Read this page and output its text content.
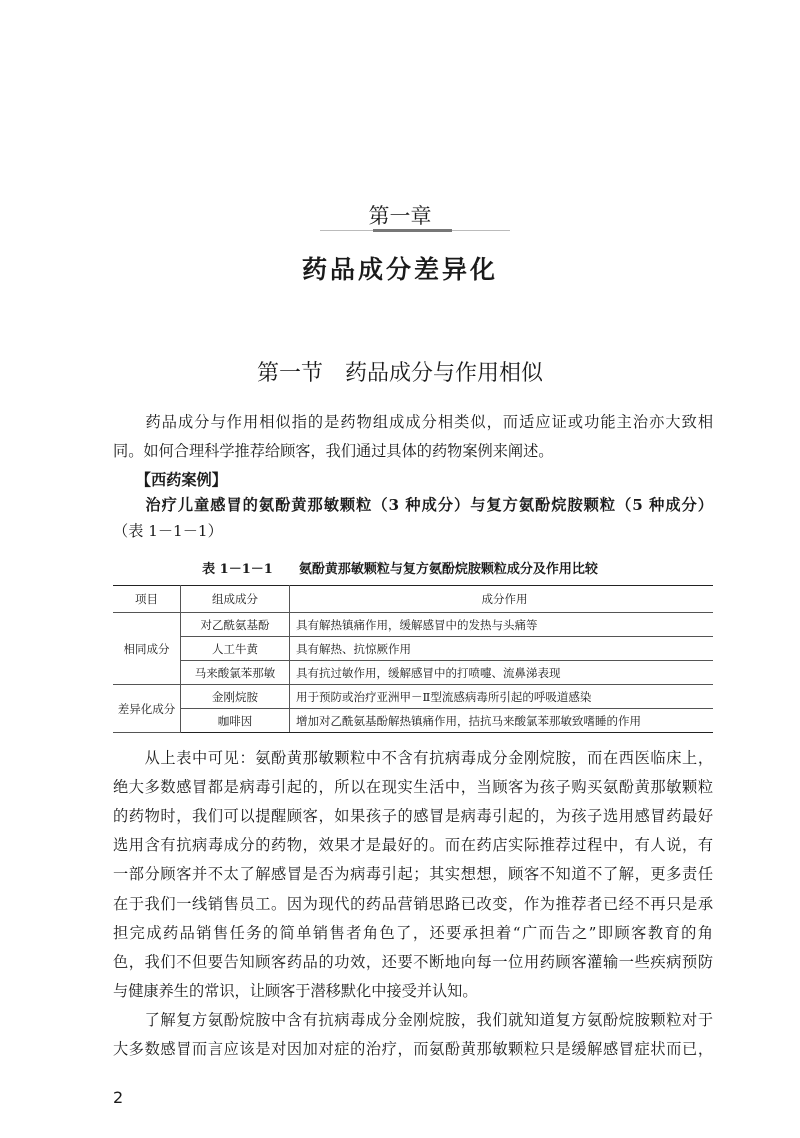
第一章
药品成分差异化
第一节　药品成分与作用相似
　　药品成分与作用相似指的是药物组成成分相类似，而适应证或功能主治亦大致相
同。如何合理科学推荐给顾客，我们通过具体的药物案例来阐述。
　　【西药案例】
　　治疗儿童感冒的氨酚黄那敏颗粒（3 种成分）与复方氨酚烷胺颗粒（5 种成分）
（表 1－1－1）
表 1－1－1　　氨酚黄那敏颗粒与复方氨酚烷胺颗粒成分及作用比较
项目	组成成分	成分作用
相同成分	对乙酰氨基酚	具有解热镇痛作用，缓解感冒中的发热与头痛等
	人工牛黄	具有解热、抗惊厥作用
	马来酸氯苯那敏	具有抗过敏作用，缓解感冒中的打喷嚏、流鼻涕表现
差异化成分	金刚烷胺	用于预防或治疗亚洲甲－Ⅱ型流感病毒所引起的呼吸道感染
	咖啡因	增加对乙酰氨基酚解热镇痛作用，拮抗马来酸氯苯那敏致嗜睡的作用
　　从上表中可见：氨酚黄那敏颗粒中不含有抗病毒成分金刚烷胺，而在西医临床上，
绝大多数感冒都是病毒引起的，所以在现实生活中，当顾客为孩子购买氨酚黄那敏颗粒
的药物时，我们可以提醒顾客，如果孩子的感冒是病毒引起的，为孩子选用感冒药最好
选用含有抗病毒成分的药物，效果才是最好的。而在药店实际推荐过程中，有人说，有
一部分顾客并不太了解感冒是否为病毒引起；其实想想，顾客不知道不了解，更多责任
在于我们一线销售员工。因为现代的药品营销思路已改变，作为推荐者已经不再只是承
担完成药品销售任务的简单销售者角色了，还要承担着“广而告之”即顾客教育的角
色，我们不但要告知顾客药品的功效，还要不断地向每一位用药顾客灌输一些疾病预防
与健康养生的常识，让顾客于潜移默化中接受并认知。
　　了解复方氨酚烷胺中含有抗病毒成分金刚烷胺，我们就知道复方氨酚烷胺颗粒对于
大多数感冒而言应该是对因加对症的治疗，而氨酚黄那敏颗粒只是缓解感冒症状而已，
2
